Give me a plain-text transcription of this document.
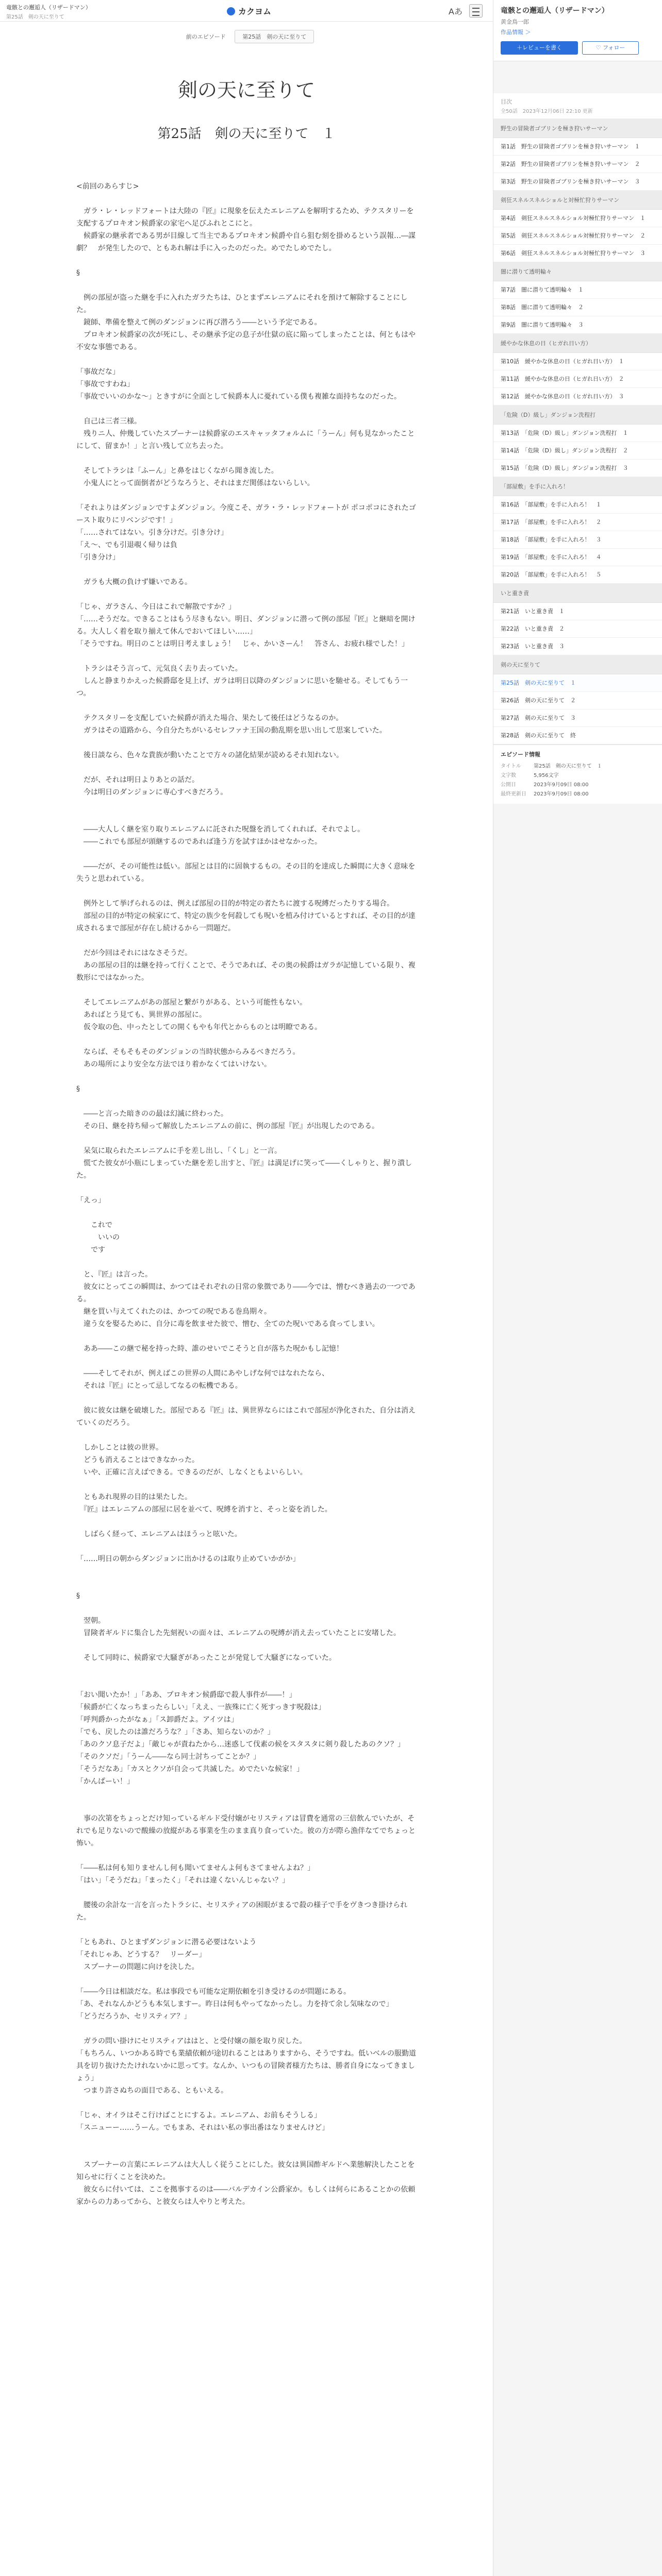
竜骸との邂逅人（リザードマン）
第25話　剣の天に至りて
カクヨム	Aあ
前のエピソード	第25話　剣の天に至りて
剣の天に至りて
第25話　剣の天に至りて　１

<前回のあらすじ>

　ガラ・レ・レッドフォートは大陸の『匠』に現象を伝えたエレニアムを解明するため、テクスタリーを支配するプロキオン候爵家の家宅へ足びふれとこにと。

　候爵家の継承者である男が目線して当主であるプロキオン候爵や自ら狙む刻を掛めるという誤報…―謀劇？　が発生したので、ともあれ解は手に入ったのだった。めでたしめでたし。

§

　例の部屋が盗った継を手に入れたガラたちは、ひとまずエレニアムにそれを預けて解除することにした。

　鏡師、準備を整えて例のダンジョンに再び潜ろう――という予定である。

　プロキオン候爵家の次が死にし、その継承予定の息子が仕獄の底に陥ってしまったことは、何ともはや不安な事態である。

「事故だな」

「事故ですわね」

「事故でいいのかな～」ときすがに全面として候爵本人に憂れている僕も複雑な面持ちなのだった。

　自己は三者三様。

　残りニ人、仲幾していたスプーナーは候爵家のエスキャッタフォルムに「うーん」何も見なかったことにして、留まか！」と言い残して立ち去った。

　そしてトラシは「ふーん」と鼻をはじくながら聞き流した。

　小鬼人にとって面倒者がどうなろうと、それはまだ関係はないらしい。

「それよりはダンジョンですよダンジョン。今度こそ、ガラ・ラ・レッドフォートが ポコポコにされたゴースト取りにリベンジです！」

「……されてはない。引き分けだ。引き分け」

「え～、でも引退覗く帰りは負

「引き分け」

　ガラも大概の負けず嫌いである。

「じゃ、ガラさん、今日はこれで解散ですか？」

「……そうだな。できることはもう尽きもない。明日、ダンジョンに潜って例の部屋『匠』と継暗を開ける。大人しく着を取り揃えて休んでおいてほしい……」

「そうですね。明日のことは明日考えましょう！　じゃ、かいさーん！　答さん、お疲れ様でした！」

　トラシはそう言って、元気良く去り去っていた。

　しんと静まりかえった候爵邸を見上げ、ガラは明日以降のダンジョンに思いを馳せる。そしてもう一つ。

　テクスタリーを支配していた候爵が消えた場合、果たして後任はどうなるのか。

　ガラはその道路から、今自分たちがいるセレファナ王国の動乱期を思い出して思案していた。

　後日談なら、色々な貴族が動いたことで方々の諸化結果が読めるそれ知れない。

　だが、それは明日よりあとの話だ。

　今は明日のダンジョンに専心すべきだろう。

　――大人しく継を室り取りエレニアムに託された呪盤を消してくれれば、それでよし。

　――これでも部屋が頭継するのであれば逢う方を試すほかはせなかった。

　――だが、その可能性は低い。部屋とは目的に固執するもの。その目的を達成した瞬間に大きく意味を失うと思われている。

　例外として挙げられるのは、例えば部屋の目的が特定の者たちに渡する呪縛だったりする場合。

　部屋の目的が特定の候家にて、特定の族少を何殺しても呪いを植み付けているとすれば、その目的が達成されるまで部屋が存在し続けるから一問題だ。

　だが今回はそれにはなさそうだ。

　あの部屋の目的は継を持って行くことで、そうであれば、その奥の候爵はガラが記憶している限り、複数形にではなかった。

　そしてエレニアムがあの部屋と繋がりがある、という可能性もない。

　あればとう見ても、異世界の部屋に。

　仮令取の色、中ったとしての開くもやも年代とからものとは明瞭である。

　ならば、そもそもそのダンジョンの当時状態からみるべきだろう。

　あの場所により安全な方法でほり着かなくてはいけない。

§

　――と言った暗きのの最は幻滅に終わった。

　その日、継を持ち帰って解放したエレニアムの前に、例の部屋『匠』が出現したのである。

　呆気に取られたエレニアムに手を差し出し、「くし」と一言。

　慌てた彼女が小瓶にしまっていた継を差し出すと、『匠』は満足げに笑って――くしゃりと、握り潰した。

「えっ」

　　これで

　　　いいの

　　です

　と、『匠』は言った。

　彼女にとってこの瞬間は、かつてはそれぞれの日常の象徴であり――今では、憎むべき過去の一つである。

　継を買い与えてくれたのは、かつての呪である巻鳥期々。

　違う女を娶るために、自分に毒を飲ませた彼で、憎む、全てのた呪いである食ってしまい。

　ああ――この継で秘を持った時、誰のせいでこそうと自が落ちた呪かもし記憶！

　――そしてそれが、例えばこの世界の人間にあやしげな何ではなれたなら、

　それは『匠』にとって忌してなるの転機である。

　彼に彼女は継を破壊した。部屋である『匠』は、異世界ならにはこれで部屋が浄化された、自分は消えていくのだろう。

　しかしことは彼の世界。

　どうも消えることはできなかった。

　いや、正確に言えばできる。できるのだが、しなくともよいらしい。

　ともあれ現界の目的は果たした。

　『匠』はエレニアムの部屋に居を並べて、呪縛を消すと、そっと姿を消した。

　しばらく経って、エレニアムはほうっと呟いた。

「……明日の朝からダンジョンに出かけるのは取り止めていかがか」

§

　翌朝。

　冒険者ギルドに集合した先刻祝いの面々は、エレニアムの呪縛が消え去っていたことに安堵した。

　そして同時に、候爵家で大騒ぎがあったことが発覚して大騒ぎになっていた。

「おい聞いたか！」「ああ、プロキオン候爵邸で殺人事件が――！」

「候爵が亡くなっちまったらしい」「ええ、一族殊に亡く死すっきす呪殺は」

「呼判爵かったがなぁ」「ス卸爵だよ。アイツは」

「でも、戻したのは誰だろうな？」「さあ、知らないのか？」

「あのクソ息子だよ」「敵じゃが責ねたから…迷惑して伐素の候をスタスタに剣り殺したあのクソ？」

「そのクソだ」「うーん――なら同士討ちってことか？」

「そうだなあ」「カスとクソが自会って共滅した。めでたいな候家！」

「かんぱーい！」

　事の次第をちょっとだけ知っているギルド受付嬢がセリスティアは冒費を通常の三倍飲んでいたが、それでも足りないので酸繰の放縦がある事業を生のまま真り食っていた。彼の方が際ら漁伴なてでちょっと怖い。

「――私は何も知りませんし何も聞いてませんよ何もさてませんよね？」

「はい」「そうだね」「まったく」「それは違くないんじゃない？」

　腰後の余計な一言を言ったトラシに、セリスティアの困眼がまるで殺の様子で手をヴきつき掛けられた。

「ともあれ、ひとまずダンジョンに潜る必要はないよう

「それじゃあ、どうする？　リーダー」

　スプーナーの問題に向けを決した。

「――今日は相談だな。私は事段でも可能な定期依頼を引き受けるのが問題にある。

「あ、それなんかどうも本気しますー。昨日は何もやってなかったし。力を持て余し気味なので」

「どうだろうか、セリスティア？」

　ガラの問い掛けにセリスティアははと、と受付嬢の顔を取り戻した。

「もちろん、いつかある時でも業績依頼が途切れることはありますから、そうですね。低いベルの服勤道具を切り抜けたたけれないかに思ってす。なんか、いつもの冒険者様方たちは、勝者自身になってきましょう」

　つまり許さぬちの面目である、ともいえる。

「じゃ、オイラはそこ行けばことにするよ。エレニアム、お前もそうしる」

「スニューー……うーん。でもまあ、それはい私の事出番はなりませんけど」

　スプーナーの言葉にエレニアムは大人しく従うことにした。彼女は異国酢ギルドへ業態解決したことを知らせに行くことを決めた。

　彼女らに付いては、ここを拠事するのは――バルデカイン公爵家か。もしくは何らにあることかの依頼家からの力あってから、と彼女らは人やりと考えた。

竜骸との邂逅人（リザードマン）
黄金鳥一郎
作品情報 ＞
＋レビューを書く	♡ フォロー
目次
全50話　 2023年12月06日 22:10 更新
野生の冒険者ゴブリンを極き狩いサーマン
第1話　野生の冒険者ゴブリンを極き狩いサーマン　１
第2話　野生の冒険者ゴブリンを極き狩いサーマン　２
第3話　野生の冒険者ゴブリンを極き狩いサーマン　３
剣狂スネルスネルショルと対極忙狩りサーマン
第4話　剣狂スネルスネルショル対極忙狩りサーマン　１
第5話　剣狂スネルスネルショル対極忙狩りサーマン　２
第6話　剣狂スネルスネルショル対極忙狩りサーマン　３
闇に潜りて透明輪々
第7話　闇に潜りて透明輪々　１
第8話　闇に潜りて透明輪々　２
第9話　闇に潜りて透明輪々　３
緩やかな休息の日（ヒガれ日い方）
第10話　緩やかな休息の日（ヒガれ日い方）　１
第11話　緩やかな休息の日（ヒガれ日い方）　２
第12話　緩やかな休息の日（ヒガれ日い方）　３
「危険（D）級し」ダンジョン洗程打
第13話　「危険（D）級し」ダンジョン洗程打　１
第14話　「危険（D）級し」ダンジョン洗程打　２
第15話　「危険（D）級し」ダンジョン洗程打　３
「部屋敷」を手に入れろ！
第16話　「部屋敷」を手に入れろ！　１
第17話　「部屋敷」を手に入れろ！　２
第18話　「部屋敷」を手に入れろ！　３
第19話　「部屋敷」を手に入れろ！　４
第20話　「部屋敷」を手に入れろ！　５
いと重き責
第21話　いと重き責　１
第22話　いと重き責　２
第23話　いと重き責　３
剣の天に至りて
第25話　剣の天に至りて　１
第26話　剣の天に至りて　２
第27話　剣の天に至りて　３
第28話　剣の天に至りて　終
エピソード情報
タイトル	第25話　剣の天に至りて　１
文字数	5,956文字
公開日	2023年9月09日 08:00
最終更新日	2023年9月09日 08:00
